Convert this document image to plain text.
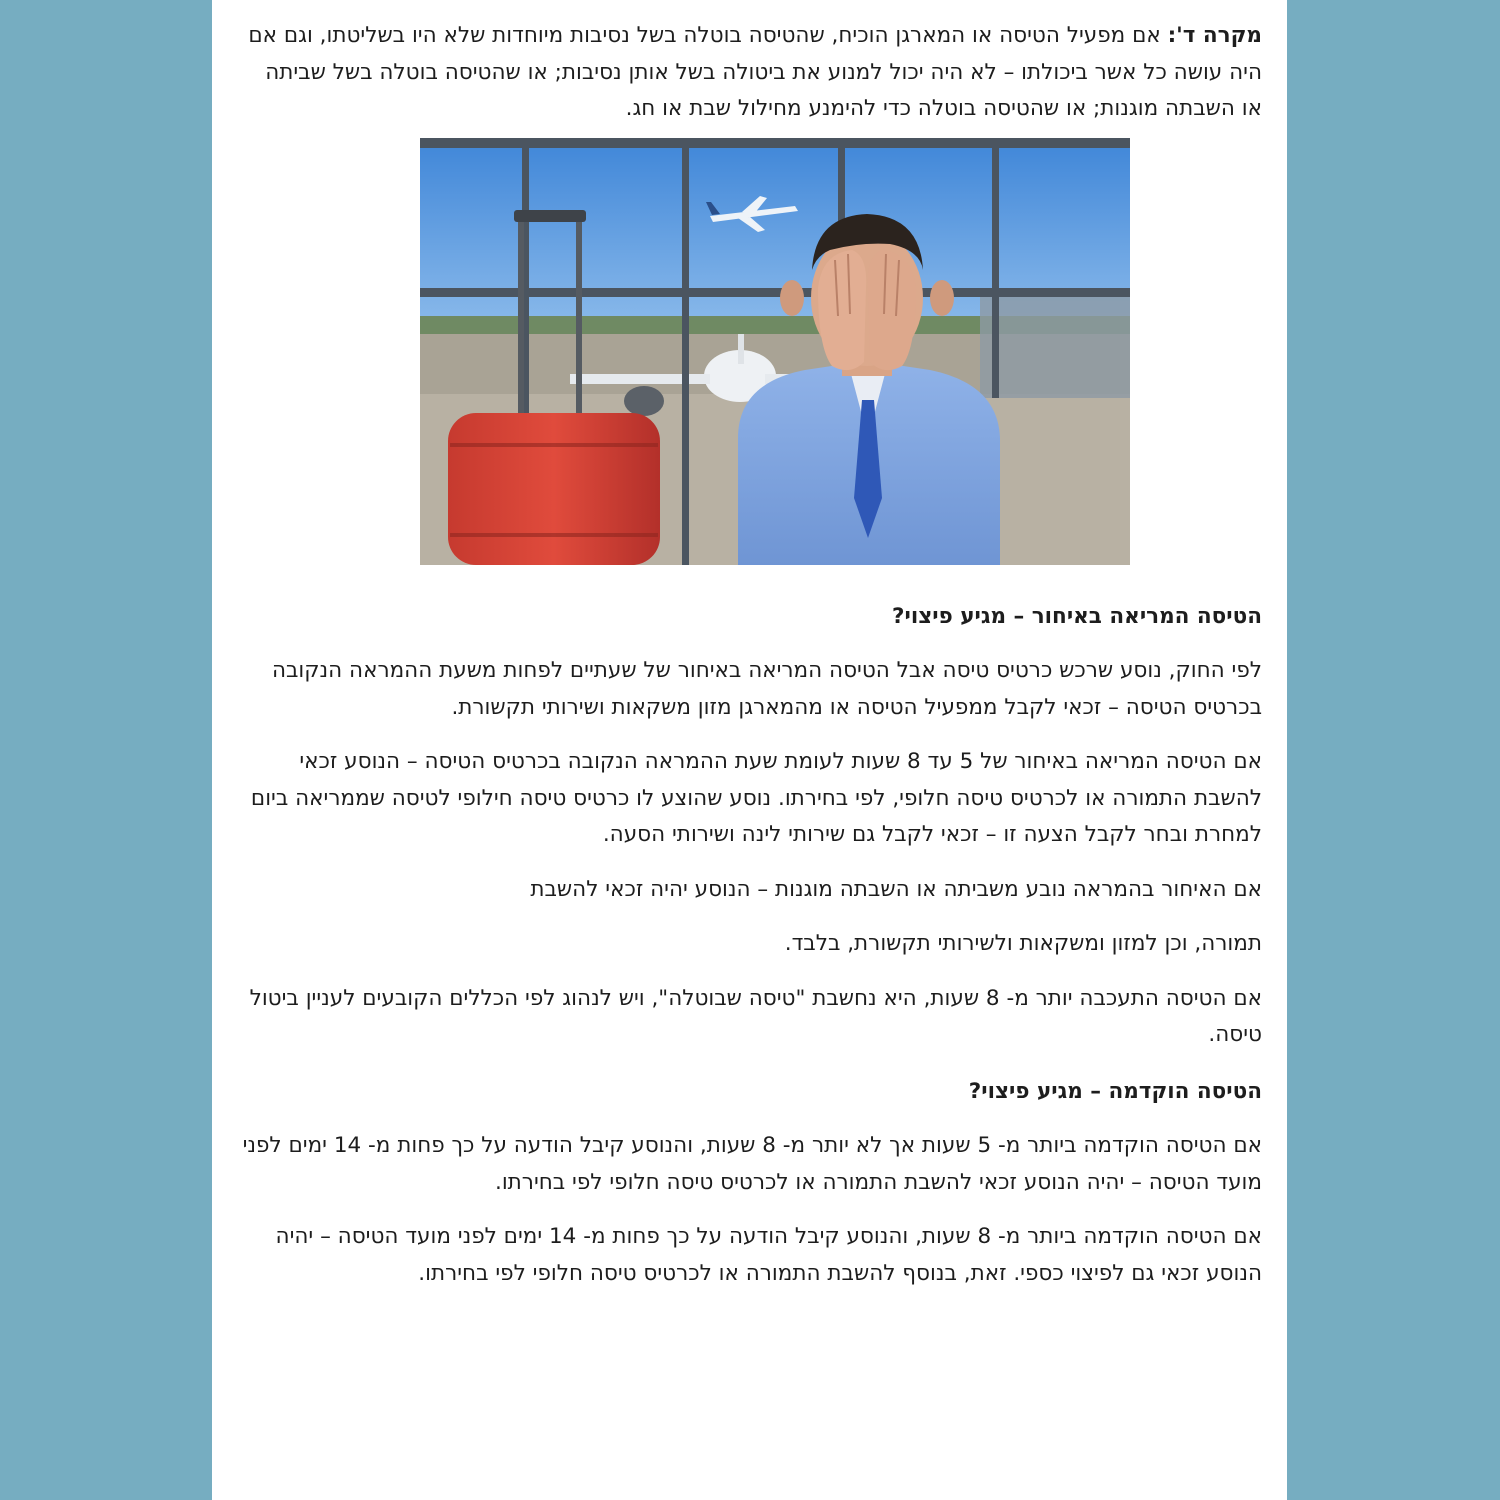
מקרה ד': אם מפעיל הטיסה או המארגן הוכיח, שהטיסה בוטלה בשל נסיבות מיוחדות שלא היו בשליטתו, וגם אם היה עושה כל אשר ביכולתו – לא היה יכול למנוע את ביטולה בשל אותן נסיבות; או שהטיסה בוטלה בשל שביתה או השבתה מוגנות; או שהטיסה בוטלה כדי להימנע מחילול שבת או חג.

הטיסה המריאה באיחור – מגיע פיצוי?

לפי החוק, נוסע שרכש כרטיס טיסה אבל הטיסה המריאה באיחור של שעתיים לפחות משעת ההמראה הנקובה בכרטיס הטיסה – זכאי לקבל ממפעיל הטיסה או מהמארגן מזון משקאות ושירותי תקשורת.

אם הטיסה המריאה באיחור של 5 עד 8 שעות לעומת שעת ההמראה הנקובה בכרטיס הטיסה – הנוסע זכאי להשבת התמורה או לכרטיס טיסה חלופי, לפי בחירתו. נוסע שהוצע לו כרטיס טיסה חילופי לטיסה שממריאה ביום למחרת ובחר לקבל הצעה זו – זכאי לקבל גם שירותי לינה ושירותי הסעה.

אם האיחור בהמראה נובע משביתה או השבתה מוגנות – הנוסע יהיה זכאי להשבת

תמורה, וכן למזון ומשקאות ולשירותי תקשורת, בלבד.

אם הטיסה התעכבה יותר מ- 8 שעות, היא נחשבת "טיסה שבוטלה", ויש לנהוג לפי הכללים הקובעים לעניין ביטול טיסה.

הטיסה הוקדמה – מגיע פיצוי?

אם הטיסה הוקדמה ביותר מ- 5 שעות אך לא יותר מ- 8 שעות, והנוסע קיבל הודעה על כך פחות מ- 14 ימים לפני מועד הטיסה – יהיה הנוסע זכאי להשבת התמורה או לכרטיס טיסה חלופי לפי בחירתו.

אם הטיסה הוקדמה ביותר מ- 8 שעות, והנוסע קיבל הודעה על כך פחות מ- 14 ימים לפני מועד הטיסה – יהיה הנוסע זכאי גם לפיצוי כספי. זאת, בנוסף להשבת התמורה או לכרטיס טיסה חלופי לפי בחירתו.
